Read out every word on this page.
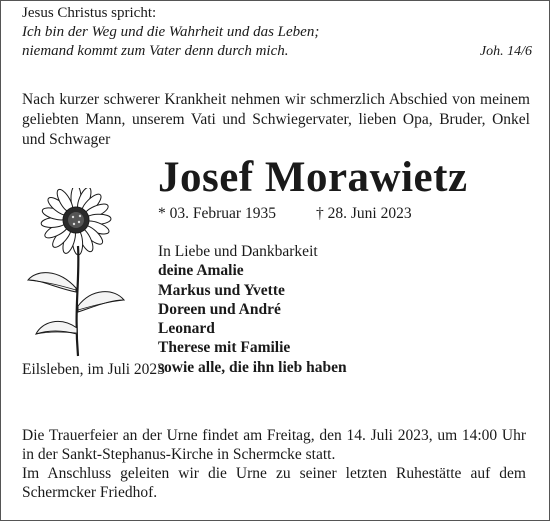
Jesus Christus spricht:
Ich bin der Weg und die Wahrheit und das Leben;
niemand kommt zum Vater denn durch mich.	Joh. 14/6
Nach kurzer schwerer Krankheit nehmen wir schmerzlich Abschied von meinem geliebten Mann, unserem Vati und Schwiegervater, lieben Opa, Bruder, Onkel und Schwager
Josef Morawietz
* 03. Februar 1935	† 28. Juni 2023
In Liebe und Dankbarkeit
deine Amalie
Markus und Yvette
Doreen und André
Leonard
Therese mit Familie
sowie alle, die ihn lieb haben
Eilsleben, im Juli 2023
Die Trauerfeier an der Urne findet am Freitag, den 14. Juli 2023, um 14:00 Uhr in der Sankt-Stephanus-Kirche in Schermcke statt.
Im Anschluss geleiten wir die Urne zu seiner letzten Ruhestätte auf dem Schermcker Friedhof.
